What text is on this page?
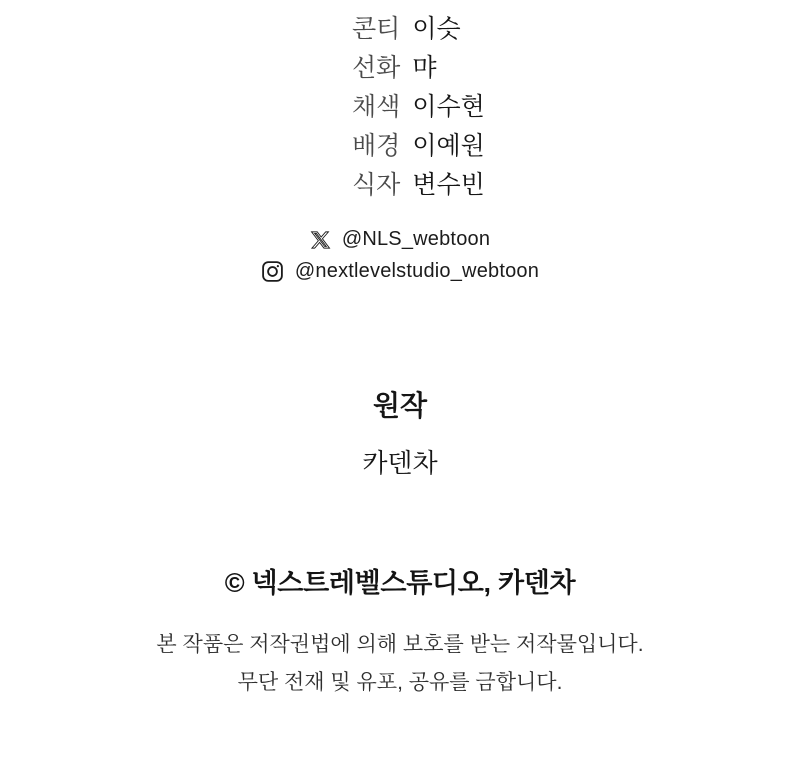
콘티 이슷
선화 먀
채색 이수현
배경 이예원
식자 변수빈
@NLS_webtoon
@nextlevelstudio_webtoon
원작
카덴차
© 넥스트레벨스튜디오, 카덴차
본 작품은 저작권법에 의해 보호를 받는 저작물입니다.
무단 전재 및 유포, 공유를 금합니다.
